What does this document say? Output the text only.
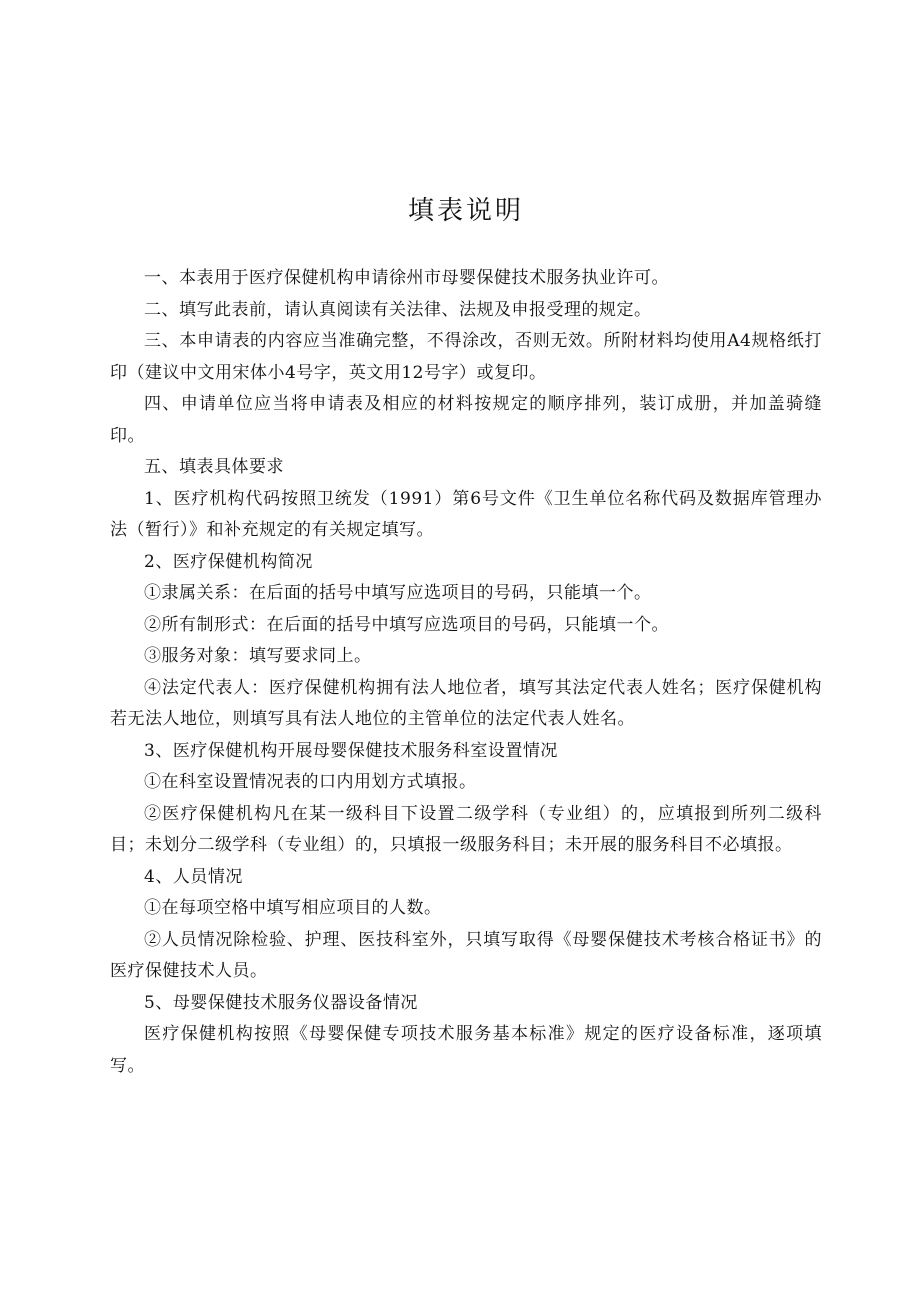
填表说明

一、本表用于医疗保健机构申请徐州市母婴保健技术服务执业许可。

二、填写此表前，请认真阅读有关法律、法规及申报受理的规定。

三、本申请表的内容应当准确完整，不得涂改，否则无效。所附材料均使用A4规格纸打印（建议中文用宋体小4号字，英文用12号字）或复印。

四、申请单位应当将申请表及相应的材料按规定的顺序排列，装订成册，并加盖骑缝印。

五、填表具体要求

1、医疗机构代码按照卫统发（1991）第6号文件《卫生单位名称代码及数据库管理办法（暂行）》和补充规定的有关规定填写。

2、医疗保健机构简况

①隶属关系：在后面的括号中填写应选项目的号码，只能填一个。

②所有制形式：在后面的括号中填写应选项目的号码，只能填一个。

③服务对象：填写要求同上。

④法定代表人：医疗保健机构拥有法人地位者，填写其法定代表人姓名；医疗保健机构若无法人地位，则填写具有法人地位的主管单位的法定代表人姓名。

3、医疗保健机构开展母婴保健技术服务科室设置情况

①在科室设置情况表的口内用划方式填报。

②医疗保健机构凡在某一级科目下设置二级学科（专业组）的，应填报到所列二级科目；未划分二级学科（专业组）的，只填报一级服务科目；未开展的服务科目不必填报。

4、人员情况

①在每项空格中填写相应项目的人数。

②人员情况除检验、护理、医技科室外，只填写取得《母婴保健技术考核合格证书》的医疗保健技术人员。

5、母婴保健技术服务仪器设备情况

医疗保健机构按照《母婴保健专项技术服务基本标准》规定的医疗设备标准，逐项填写。
